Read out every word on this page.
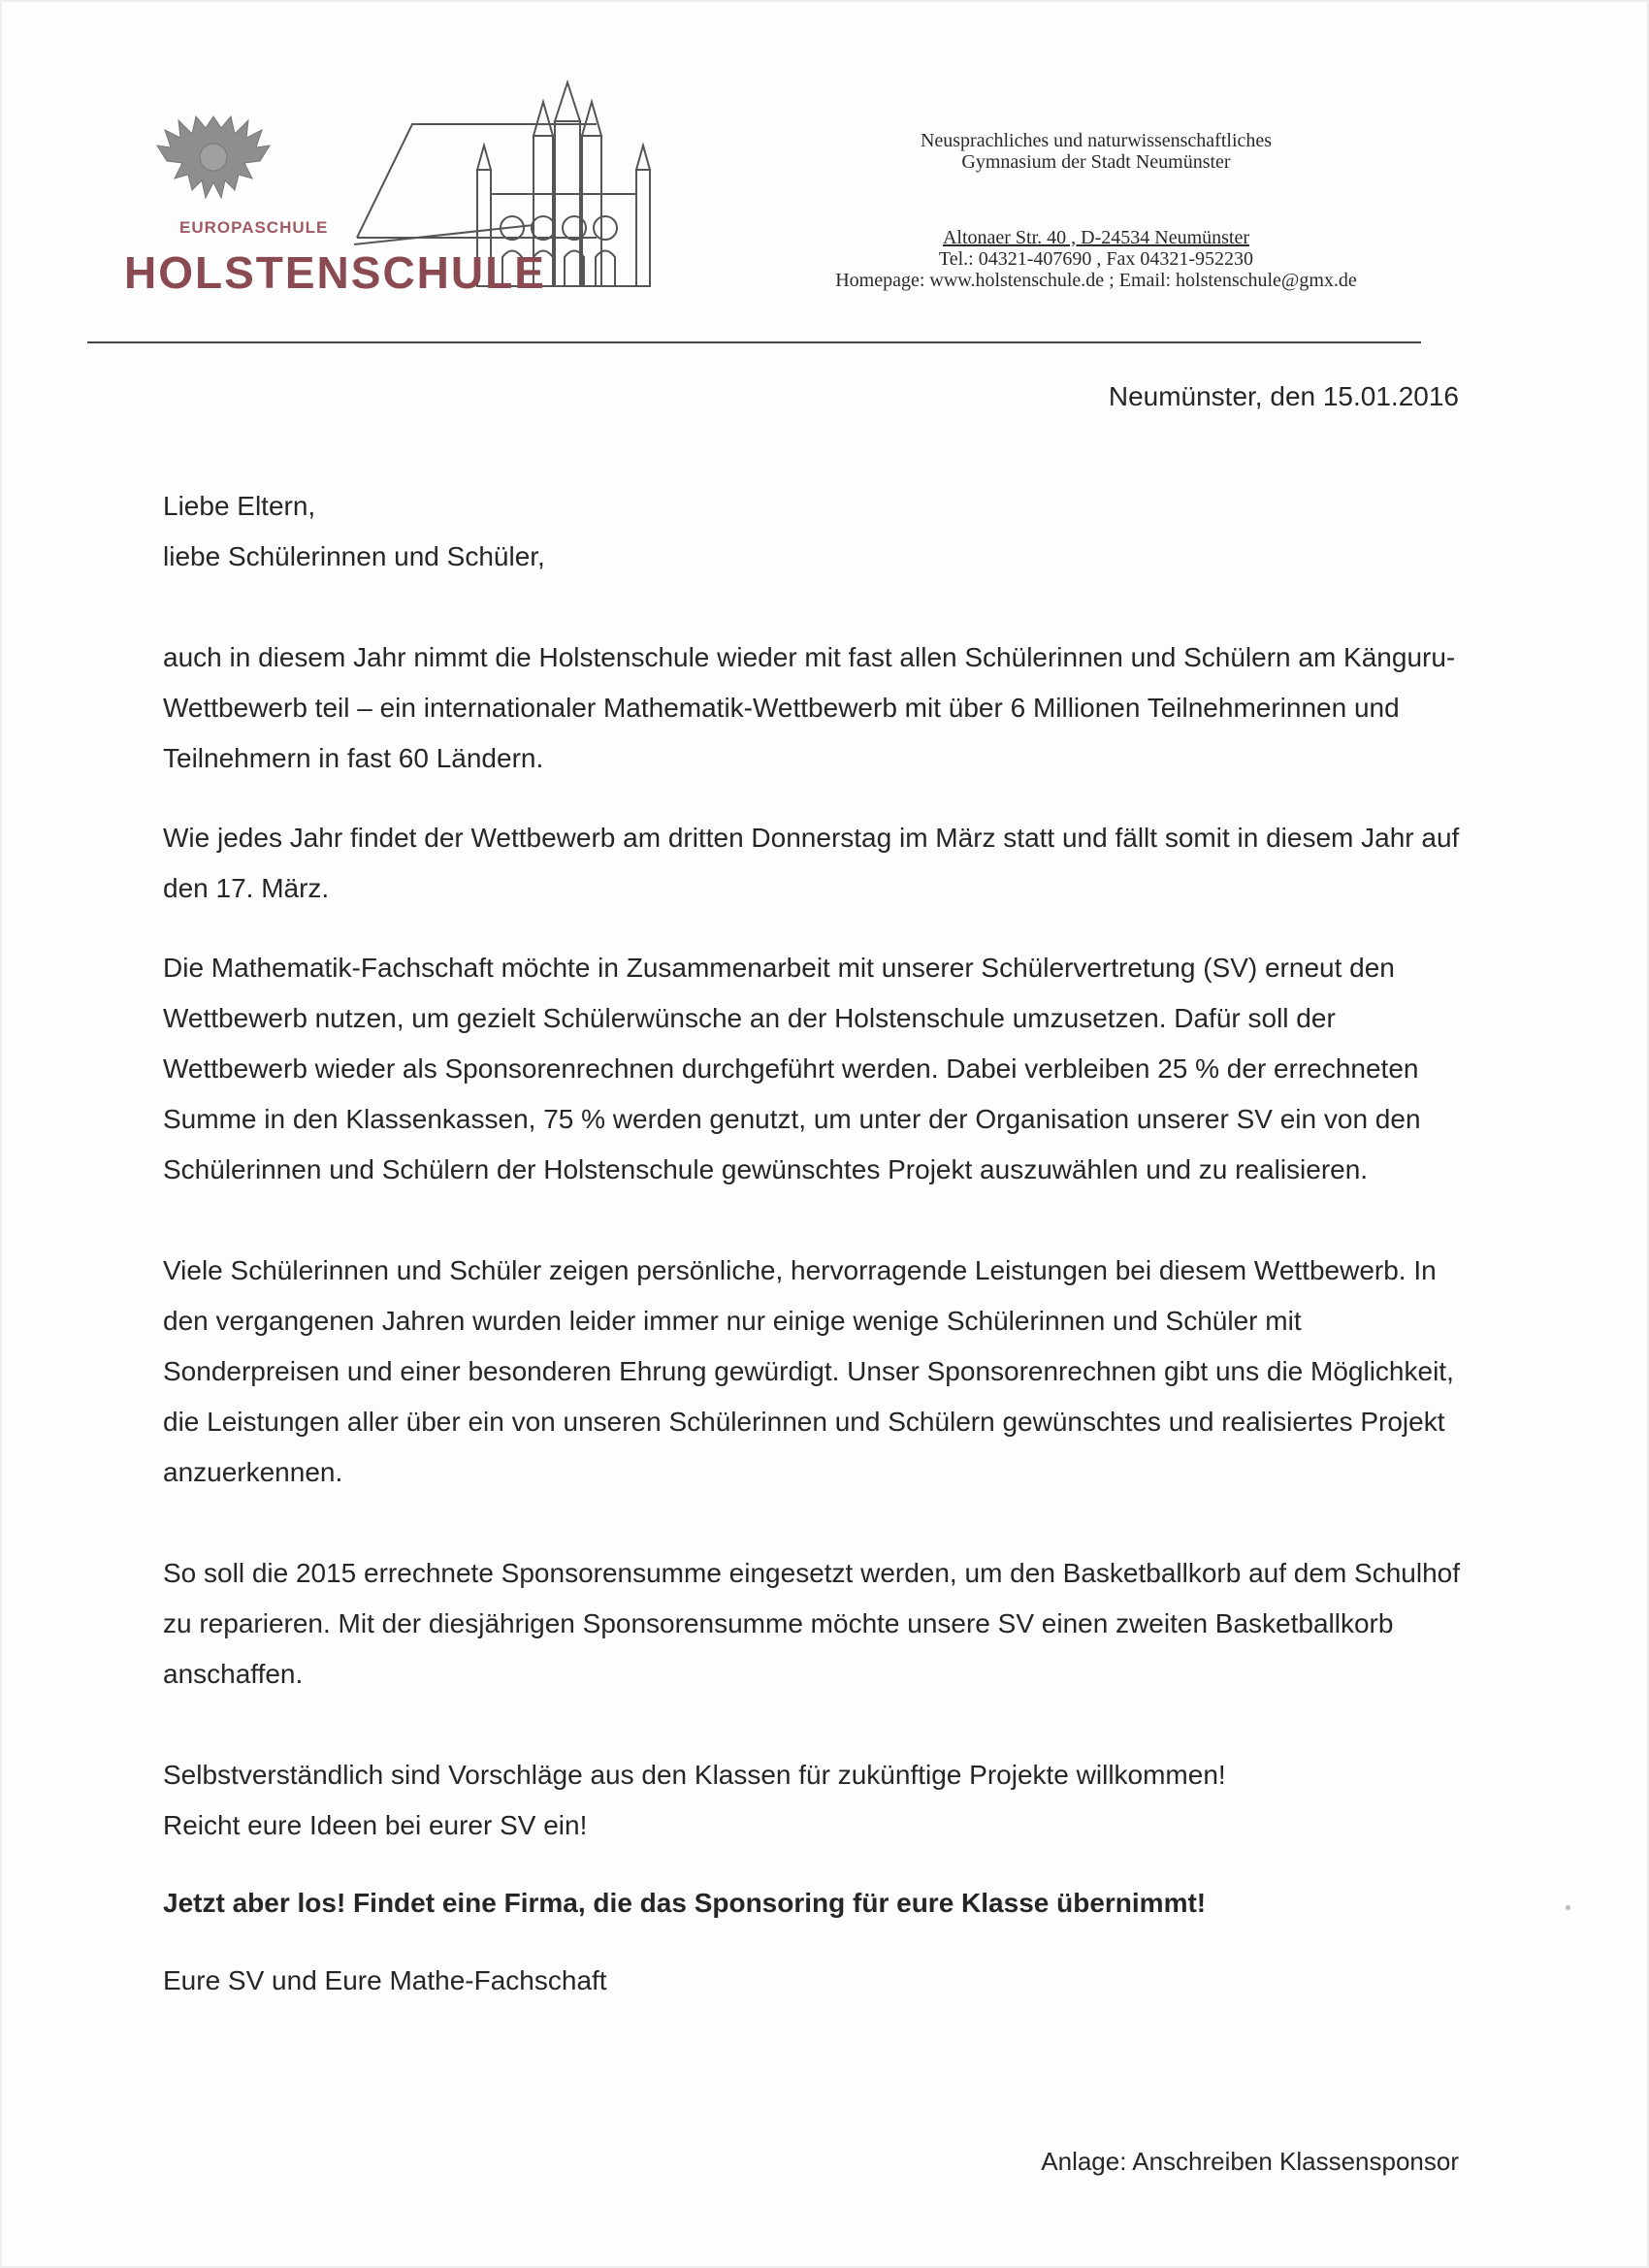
EUROPASCHULE
HOLSTENSCHULE
Neusprachliches und naturwissenschaftliches
Gymnasium der Stadt Neumünster
Altonaer Str. 40 , D-24534 Neumünster
Tel.: 04321-407690 , Fax 04321-952230
Homepage: www.holstenschule.de ; Email: holstenschule@gmx.de
Neumünster, den 15.01.2016

Liebe Eltern,

liebe Schülerinnen und Schüler,

auch in diesem Jahr nimmt die Holstenschule wieder mit fast allen Schülerinnen und Schülern am Känguru-Wettbewerb teil – ein internationaler Mathematik-Wettbewerb mit über 6 Millionen Teilnehmerinnen und Teilnehmern in fast 60 Ländern.

Wie jedes Jahr findet der Wettbewerb am dritten Donnerstag im März statt und fällt somit in diesem Jahr auf den 17. März.

Die Mathematik-Fachschaft möchte in Zusammenarbeit mit unserer Schülervertretung (SV) erneut den Wettbewerb nutzen, um gezielt Schülerwünsche an der Holstenschule umzusetzen. Dafür soll der Wettbewerb wieder als Sponsorenrechnen durchgeführt werden. Dabei verbleiben 25 % der errechneten Summe in den Klassenkassen, 75 % werden genutzt, um unter der Organisation unserer SV ein von den Schülerinnen und Schülern der Holstenschule gewünschtes Projekt auszuwählen und zu realisieren.

Viele Schülerinnen und Schüler zeigen persönliche, hervorragende Leistungen bei diesem Wettbewerb. In den vergangenen Jahren wurden leider immer nur einige wenige Schülerinnen und Schüler mit Sonderpreisen und einer besonderen Ehrung gewürdigt. Unser Sponsorenrechnen gibt uns die Möglichkeit, die Leistungen aller über ein von unseren Schülerinnen und Schülern gewünschtes und realisiertes Projekt anzuerkennen.

So soll die 2015 errechnete Sponsorensumme eingesetzt werden, um den Basketballkorb auf dem Schulhof zu reparieren. Mit der diesjährigen Sponsorensumme möchte unsere SV einen zweiten Basketballkorb anschaffen.

Selbstverständlich sind Vorschläge aus den Klassen für zukünftige Projekte willkommen!

Reicht eure Ideen bei eurer SV ein!

Jetzt aber los! Findet eine Firma, die das Sponsoring für eure Klasse übernimmt!

Eure SV und Eure Mathe-Fachschaft

Anlage: Anschreiben Klassensponsor
